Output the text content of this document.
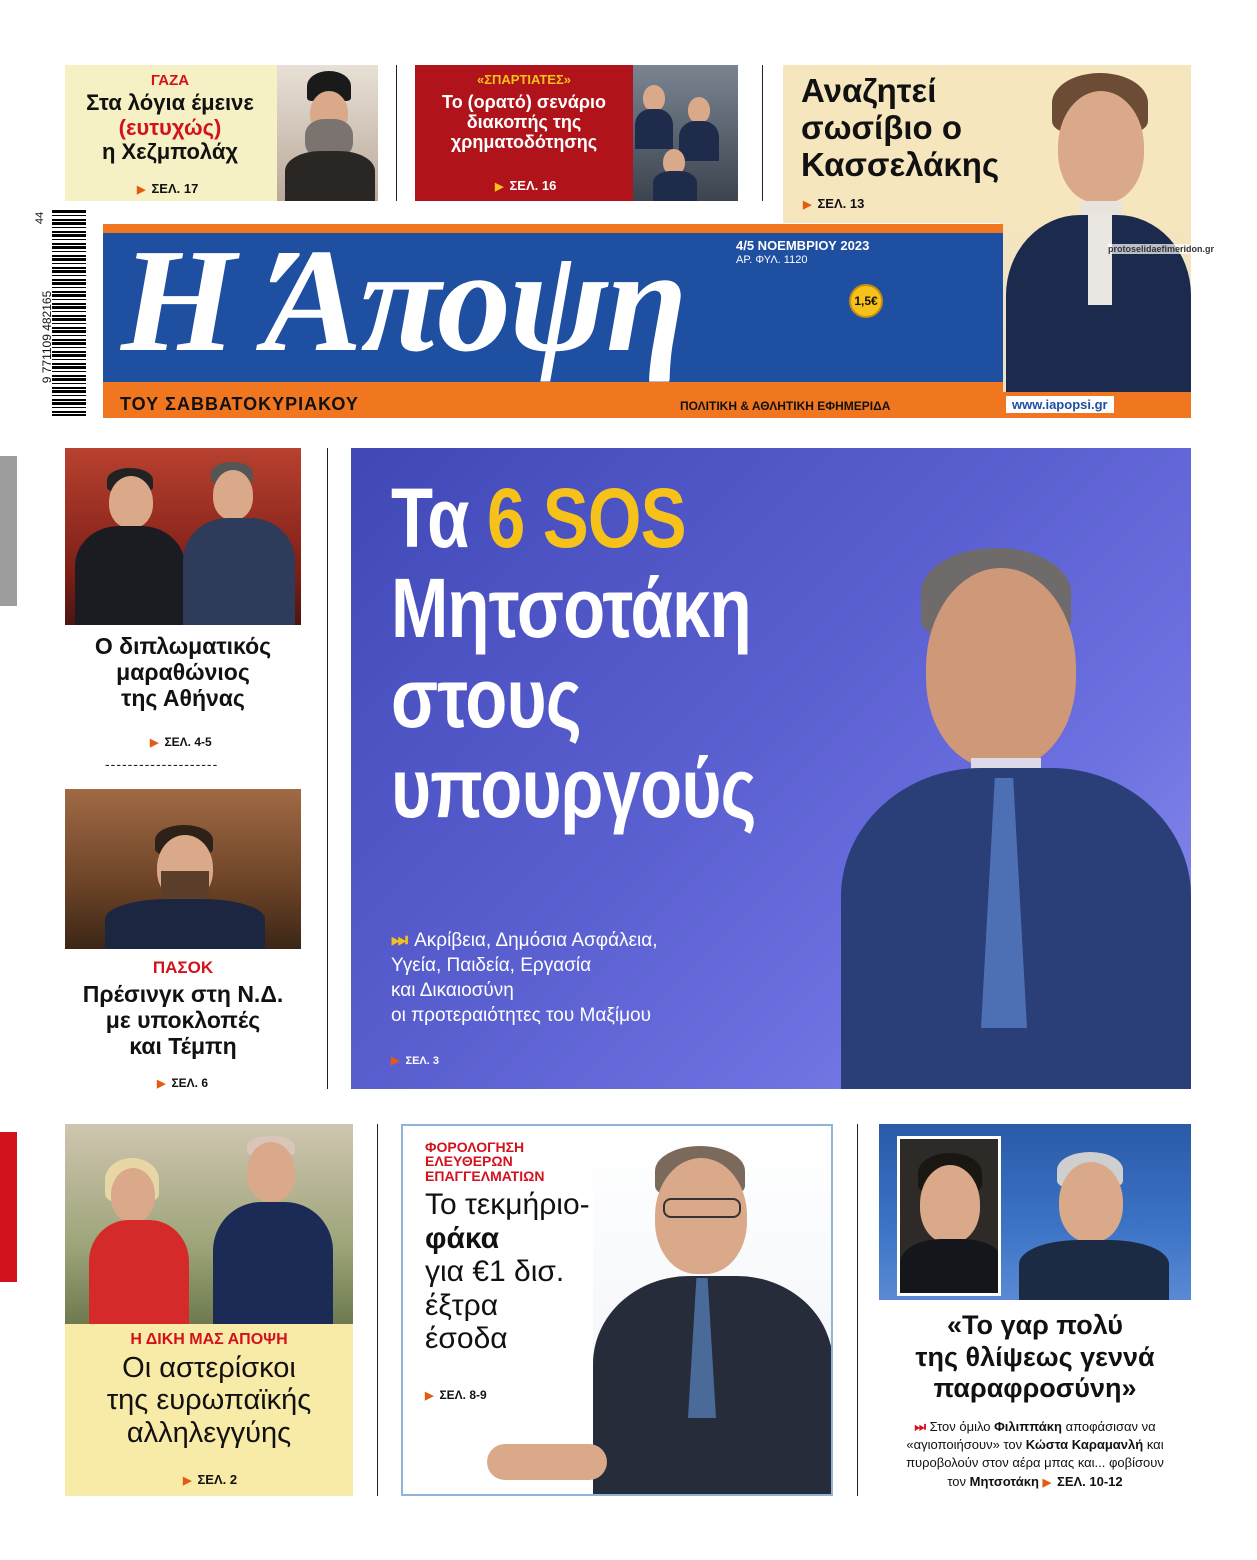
ΓΑΖΑ
Στα λόγια έμεινε
(ευτυχώς)
η Χεζμπολάχ
▶ ΣΕΛ. 17
«ΣΠΑΡΤΙΑΤΕΣ»
Το (ορατό) σενάριο
διακοπής της
χρηματοδότησης
▶ ΣΕΛ. 16
Αναζητεί
σωσίβιο ο
Κασσελάκης
▶ ΣΕΛ. 13
9 771109 482165
44
Η Άποψη	4/5 ΝΟΕΜΒΡΙΟΥ 2023
ΑΡ. ΦΥΛ. 1120
1,5€
ΤΟΥ ΣΑΒΒΑΤΟΚΥΡΙΑΚΟΥ	ΠΟΛΙΤΙΚΗ & ΑΘΛΗΤΙΚΗ ΕΦΗΜΕΡΙΔΑ	www.iapopsi.gr
protoselidaefimeridon.gr
Ο διπλωματικός
μαραθώνιος
της Αθήνας
▶ ΣΕΛ. 4-5
--------------------
ΠΑΣΟΚ
Πρέσινγκ στη Ν.Δ.
με υποκλοπές
και Τέμπη
▶ ΣΕΛ. 6
Τα 6 SOS
Μητσοτάκη
στους
υπουργούς
⏭ Ακρίβεια, Δημόσια Ασφάλεια,
Υγεία, Παιδεία, Εργασία
και Δικαιοσύνη
οι προτεραιότητες του Μαξίμου
▶ ΣΕΛ. 3
Η ΔΙΚΗ ΜΑΣ ΑΠΟΨΗ
Οι αστερίσκοι
της ευρωπαϊκής
αλληλεγγύης
▶ ΣΕΛ. 2
ΦΟΡΟΛΟΓΗΣΗ
ΕΛΕΥΘΕΡΩΝ
ΕΠΑΓΓΕΛΜΑΤΙΩΝ
Το τεκμήριο-
φάκα
για €1 δισ.
έξτρα
έσοδα
▶ ΣΕΛ. 8-9
«Το γαρ πολύ
της θλίψεως γεννά
παραφροσύνη»
⏭ Στον όμιλο Φιλιππάκη αποφάσισαν να
«αγιοποιήσουν» τον Κώστα Καραμανλή και
πυροβολούν στον αέρα μπας και... φοβίσουν
τον Μητσοτάκη ▶ ΣΕΛ. 10-12
